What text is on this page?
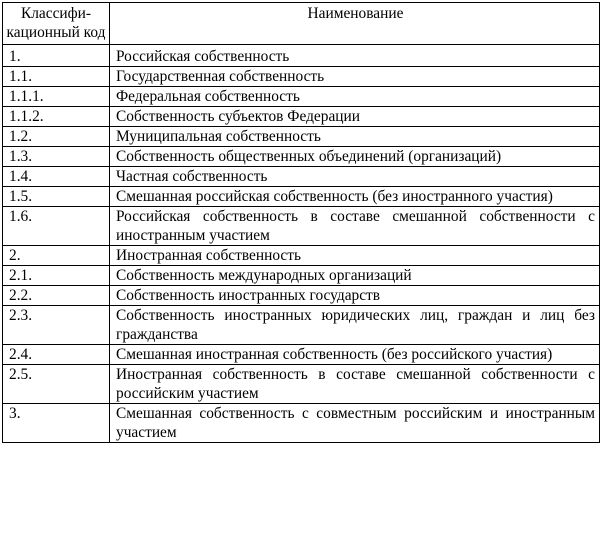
Классифи-кационный код	Наименование
1.	Российская собственность
1.1.	Государственная собственность
1.1.1.	Федеральная собственность
1.1.2.	Собственность субъектов Федерации
1.2.	Муниципальная собственность
1.3.	Собственность общественных объединений (организаций)
1.4.	Частная собственность
1.5.	Смешанная российская собственность (без иностранного участия)
1.6.	Российская собственность в составе смешанной собственности с иностранным участием
2.	Иностранная собственность
2.1.	Собственность международных организаций
2.2.	Собственность иностранных государств
2.3.	Собственность иностранных юридических лиц, граждан и лиц без гражданства
2.4.	Смешанная иностранная собственность (без российского участия)
2.5.	Иностранная собственность в составе смешанной собственности с российским участием
3.	Смешанная собственность с совместным российским и иностранным участием
